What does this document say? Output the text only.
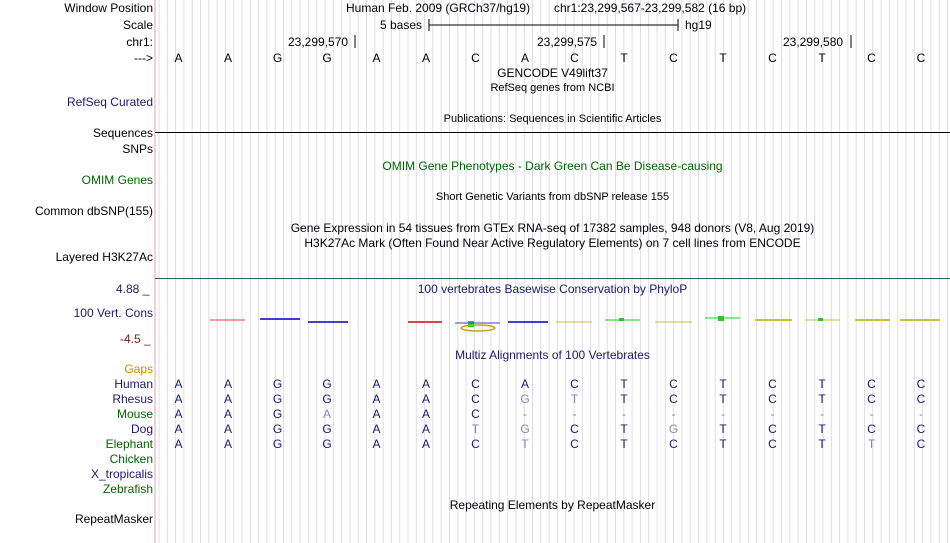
Window Position	Human Feb. 2009 (GRCh37/hg19) chr1:23,299,567-23,299,582 (16 bp)
Scale	5 bases	hg19
chr1:	23,299,570	23,299,575	23,299,580
--->	A	A	G	G	A	A	C	A	C	T	C	T	C	T	C	C
GENCODE V49lift37
RefSeq genes from NCBI
RefSeq Curated
Publications: Sequences in Scientific Articles
Sequences
SNPs
OMIM Gene Phenotypes - Dark Green Can Be Disease-causing
OMIM Genes
Short Genetic Variants from dbSNP release 155
Common dbSNP(155)
Gene Expression in 54 tissues from GTEx RNA-seq of 17382 samples, 948 donors (V8, Aug 2019)
H3K27Ac Mark (Often Found Near Active Regulatory Elements) on 7 cell lines from ENCODE
Layered H3K27Ac
4.88 _	100 vertebrates Basewise Conservation by PhyloP
100 Vert. Cons
-4.5 _
Gaps
Multiz Alignments of 100 Vertebrates
Human	A	A	G	G	A	A	C	A	C	T	C	T	C	T	C	C
Rhesus	A	A	G	G	A	A	C	G	T	T	C	T	C	T	C	C
Mouse	A	A	G	A	A	A	C	-	-	-	-	-	-	-	-	-
Dog	A	A	G	G	A	A	T	G	C	T	G	T	C	T	C	C
Elephant	A	A	G	G	A	A	C	T	C	T	C	T	C	T	T	C
Chicken
X_tropicalis
Zebrafish
Repeating Elements by RepeatMasker
RepeatMasker
